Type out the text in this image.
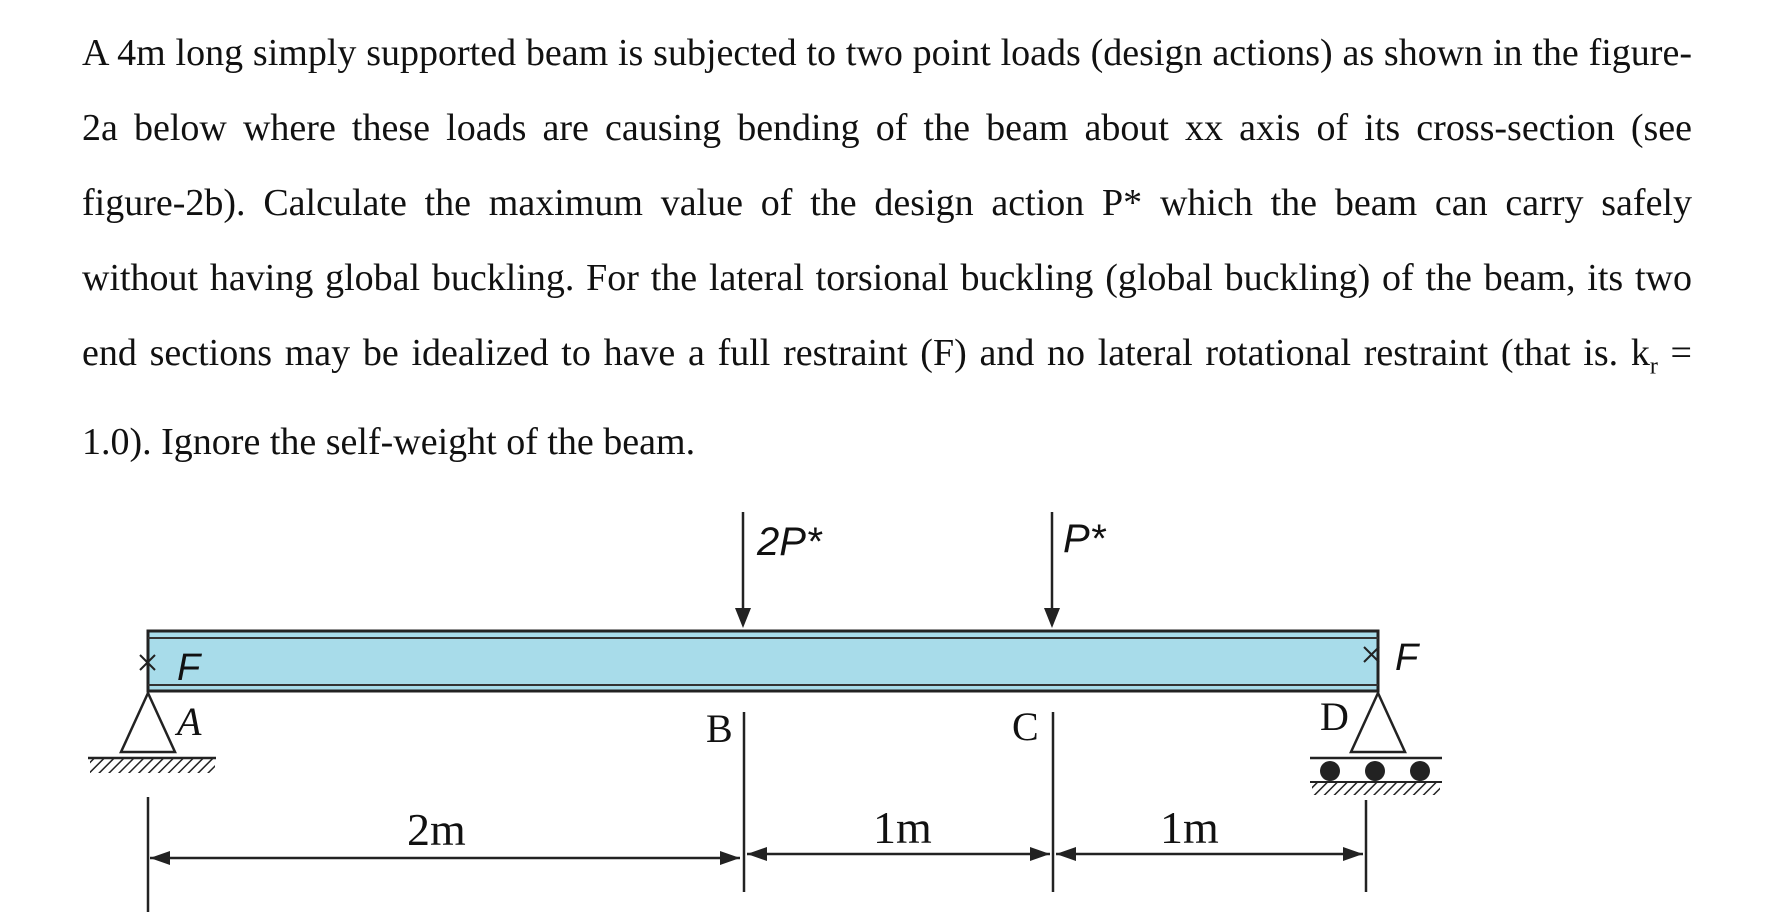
A 4m long simply supported beam is subjected to two point loads (design actions) as shown in the figure-2a below where these loads are causing bending of the beam about xx axis of its cross-section (see figure-2b). Calculate the maximum value of the design action P* which the beam can carry safely without having global buckling. For the lateral torsional buckling (global buckling) of the beam, its two end sections may be idealized to have a full restraint (F) and no lateral rotational restraint (that is. $k_r = 1.0$). Ignore the self-weight of the beam.

2P*	P*
F	F
A	D
B	C
2m	1m	1m
